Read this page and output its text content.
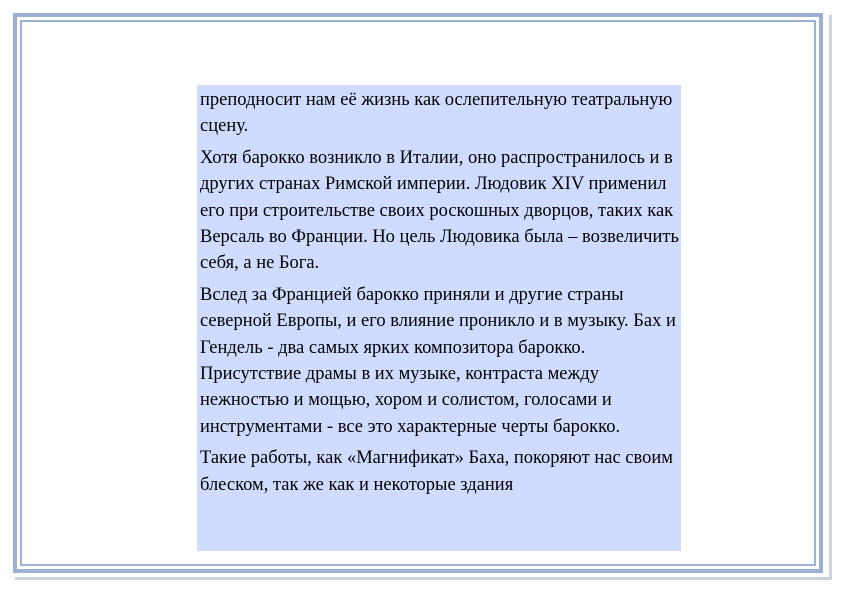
преподносит нам её жизнь как ослепительную театральную сцену.

Хотя барокко возникло в Италии, оно распространилось и в других странах Римской империи. Людовик XIV применил его при строительстве своих роскошных дворцов, таких как Версаль во Франции. Но цель Людовика была – возвеличить себя, а не Бога.

Вслед за Францией барокко приняли и другие страны северной Европы, и его влияние проникло и в музыку. Бах и Гендель - два самых ярких композитора барокко. Присутствие драмы в их музыке, контраста между нежностью и мощью, хором и солистом, голосами и инструментами - все это характерные черты барокко.

Такие работы, как «Магнификат» Баха, покоряют нас своим блеском, так же как и некоторые здания
